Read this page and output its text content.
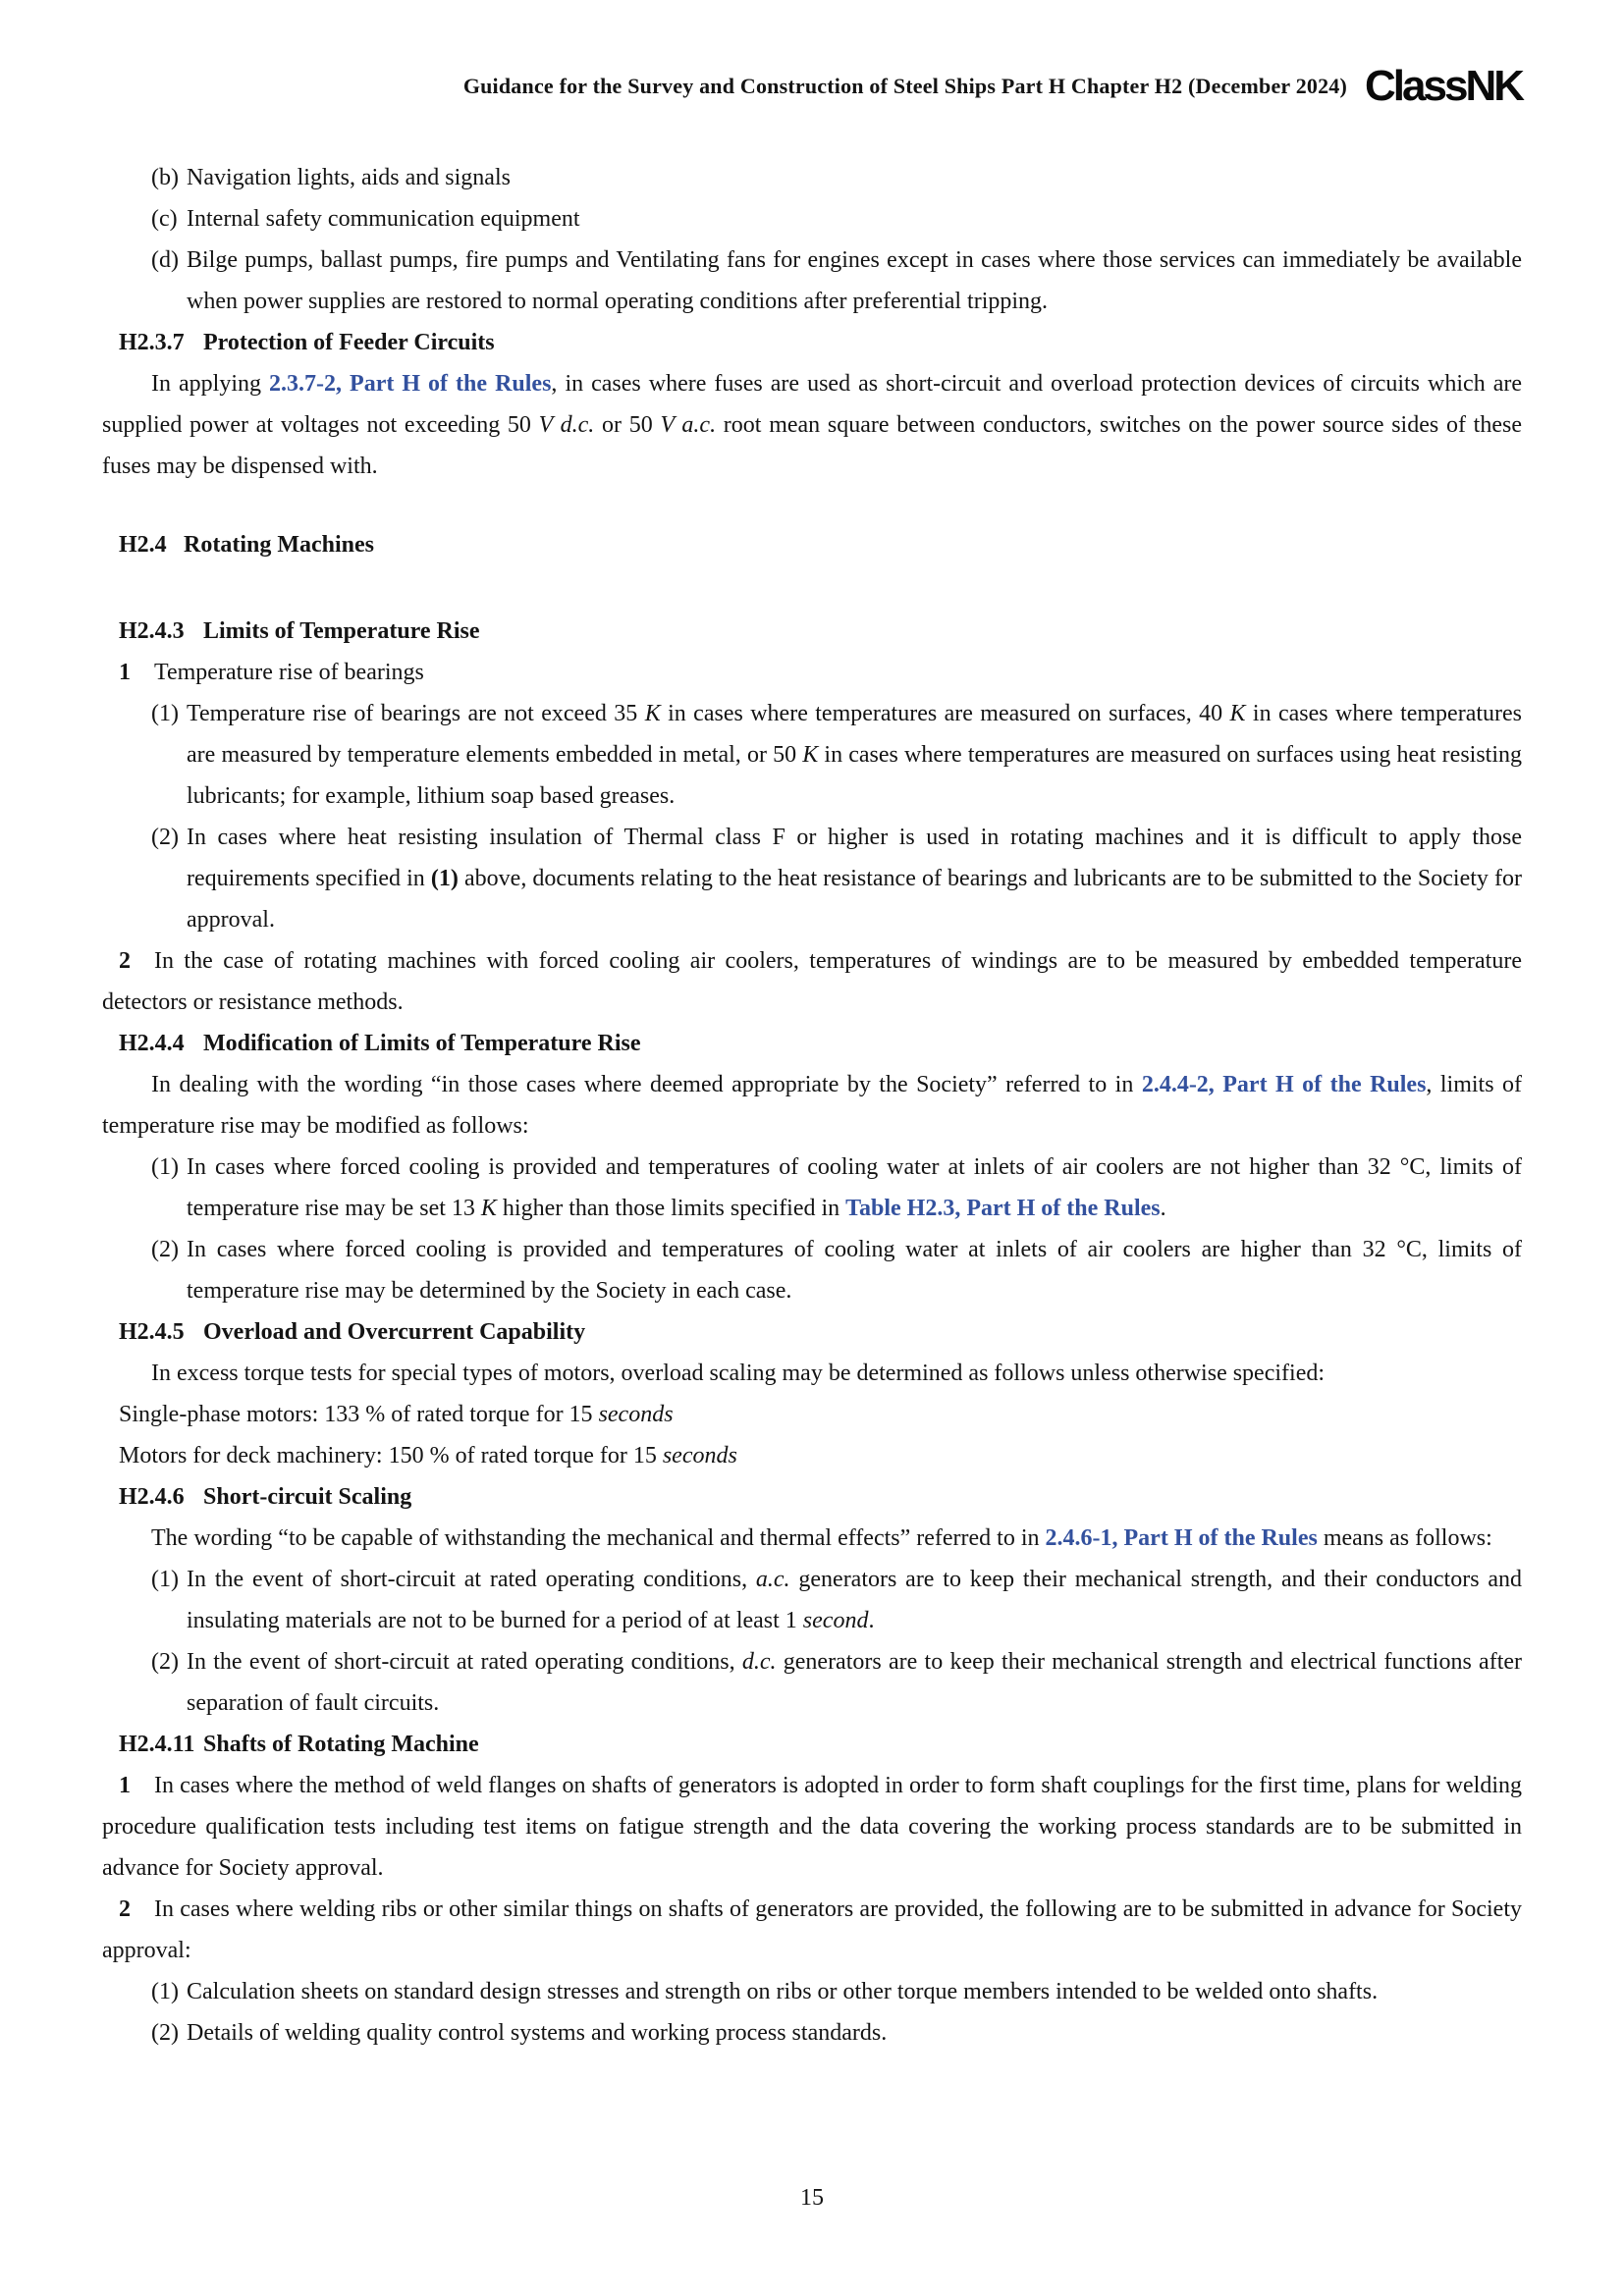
Guidance for the Survey and Construction of Steel Ships Part H Chapter H2 (December 2024) ClassNK
(b) Navigation lights, aids and signals
(c) Internal safety communication equipment
(d) Bilge pumps, ballast pumps, fire pumps and Ventilating fans for engines except in cases where those services can immediately be available when power supplies are restored to normal operating conditions after preferential tripping.
H2.3.7 Protection of Feeder Circuits

In applying 2.3.7-2, Part H of the Rules, in cases where fuses are used as short-circuit and overload protection devices of circuits which are supplied power at voltages not exceeding 50 V d.c. or 50 V a.c. root mean square between conductors, switches on the power source sides of these fuses may be dispensed with.

H2.4 Rotating Machines
H2.4.3 Limits of Temperature Rise
1 Temperature rise of bearings
(1) Temperature rise of bearings are not exceed 35 K in cases where temperatures are measured on surfaces, 40 K in cases where temperatures are measured by temperature elements embedded in metal, or 50 K in cases where temperatures are measured on surfaces using heat resisting lubricants; for example, lithium soap based greases.
(2) In cases where heat resisting insulation of Thermal class F or higher is used in rotating machines and it is difficult to apply those requirements specified in (1) above, documents relating to the heat resistance of bearings and lubricants are to be submitted to the Society for approval.
2 In the case of rotating machines with forced cooling air coolers, temperatures of windings are to be measured by embedded temperature detectors or resistance methods.
H2.4.4 Modification of Limits of Temperature Rise

In dealing with the wording “in those cases where deemed appropriate by the Society” referred to in 2.4.4-2, Part H of the Rules, limits of temperature rise may be modified as follows:

(1) In cases where forced cooling is provided and temperatures of cooling water at inlets of air coolers are not higher than 32 °C, limits of temperature rise may be set 13 K higher than those limits specified in Table H2.3, Part H of the Rules.
(2) In cases where forced cooling is provided and temperatures of cooling water at inlets of air coolers are higher than 32 °C, limits of temperature rise may be determined by the Society in each case.
H2.4.5 Overload and Overcurrent Capability

In excess torque tests for special types of motors, overload scaling may be determined as follows unless otherwise specified:

Single-phase motors: 133 % of rated torque for 15 seconds

Motors for deck machinery: 150 % of rated torque for 15 seconds

H2.4.6 Short-circuit Scaling

The wording “to be capable of withstanding the mechanical and thermal effects” referred to in 2.4.6-1, Part H of the Rules means as follows:

(1) In the event of short-circuit at rated operating conditions, a.c. generators are to keep their mechanical strength, and their conductors and insulating materials are not to be burned for a period of at least 1 second.
(2) In the event of short-circuit at rated operating conditions, d.c. generators are to keep their mechanical strength and electrical functions after separation of fault circuits.
H2.4.11 Shafts of Rotating Machine
1 In cases where the method of weld flanges on shafts of generators is adopted in order to form shaft couplings for the first time, plans for welding procedure qualification tests including test items on fatigue strength and the data covering the working process standards are to be submitted in advance for Society approval.
2 In cases where welding ribs or other similar things on shafts of generators are provided, the following are to be submitted in advance for Society approval:
(1) Calculation sheets on standard design stresses and strength on ribs or other torque members intended to be welded onto shafts.
(2) Details of welding quality control systems and working process standards.
15
